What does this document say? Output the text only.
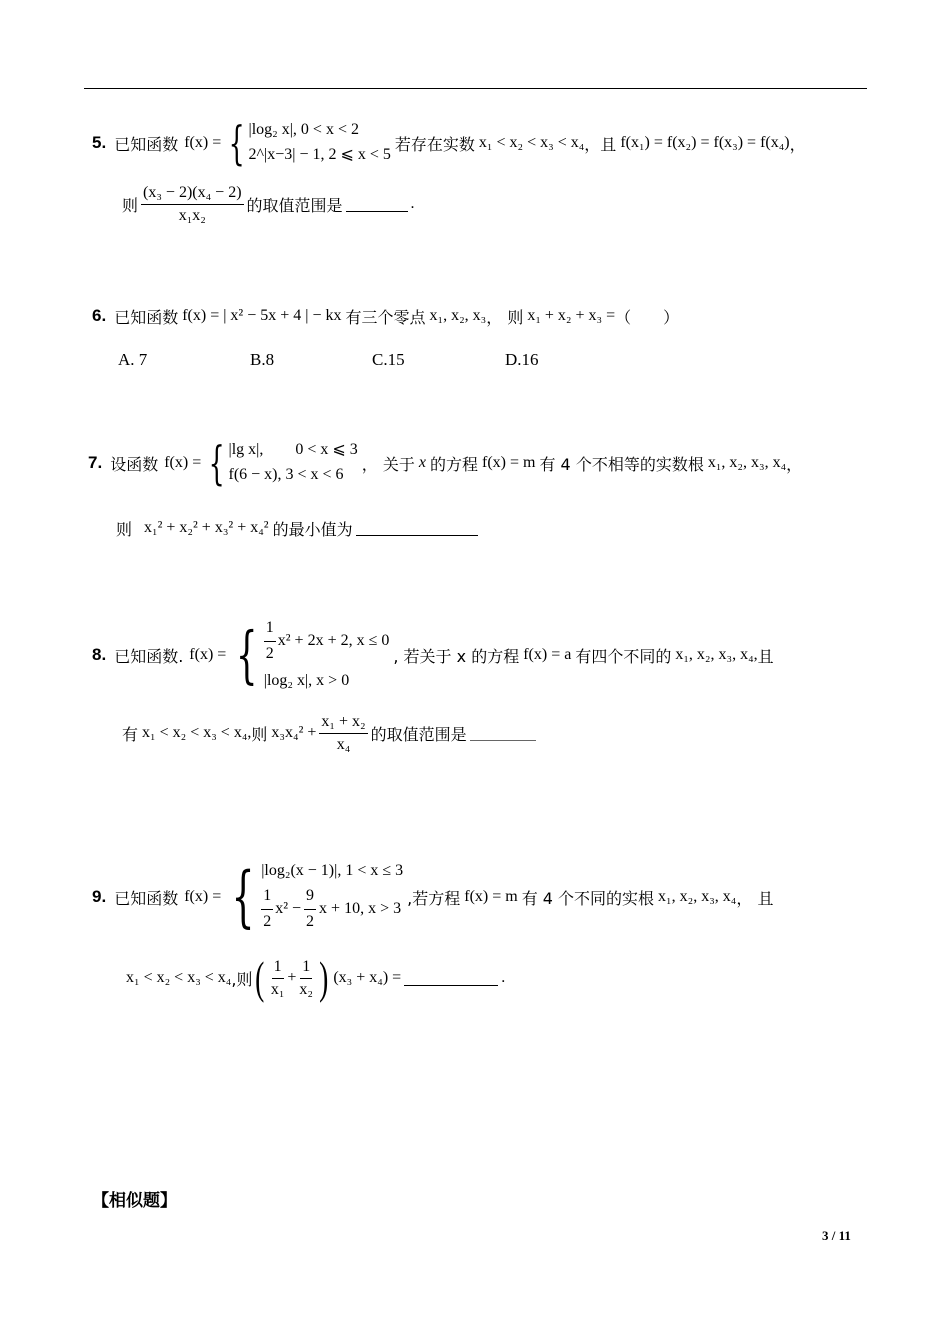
5. 已知函数 f(x) = { |log₂ x|, 0 < x < 2
2^|x−3| − 1, 2 ⩽ x < 5
若存在实数 x₁ < x₂ < x₃ < x₄ ，且 f(x₁) = f(x₂) = f(x₃) = f(x₄) ，
则 $\frac{\text{(x₃ − 2)(x₄ − 2)}}{\text{x₁x₂}}$ 的取值范围是	.
6. 已知函数 f(x) = | x² − 5x + 4 | − kx 有三个零点 x₁, x₂, x₃ ， 则 x₁ + x₂ + x₃ = （　　）
A. 7	B.8	C.15	D.16
7. 设函数 f(x) = { |lg x|,　　0 < x ⩽ 3
f(6 − x), 3 < x < 6
， 关于 x 的方程 f(x) = m 有 4 个不相等的实数根 x₁, x₂, x₃, x₄ ，
则 x₁² + x₂² + x₃² + x₄² 的最小值为
8. 已知函数. f(x) = { $\frac{1}{2} x^2 + 2x + 2$, x ≤ 0
|log₂ x|, x > 0
, 若关于 x 的方程 f(x) = a 有四个不同的 x₁, x₂, x₃, x₄, 且
有 x₁ < x₂ < x₃ < x₄, 则 $x_3x_4^2 + \frac{\text{x₁ + x₂}}{\text{x₄}}$ 的取值范围是
9. 已知函数 f(x) = { |log₂(x − 1)|, 1 < x ≤ 3
$\frac{1}{2} x^2 - \frac{9}{2}$ x + 10, x > 3
,若方程 f(x) = m 有 4 个不同的实根 x₁, x₂, x₃, x₄ ， 且
x₁ < x₂ < x₃ < x₄ ,则 ( $\frac{1}{\text{x₁}} + \frac{1}{\text{x₂}}$ ) (x₃ + x₄) =	.
【相似题】
3 / 11
